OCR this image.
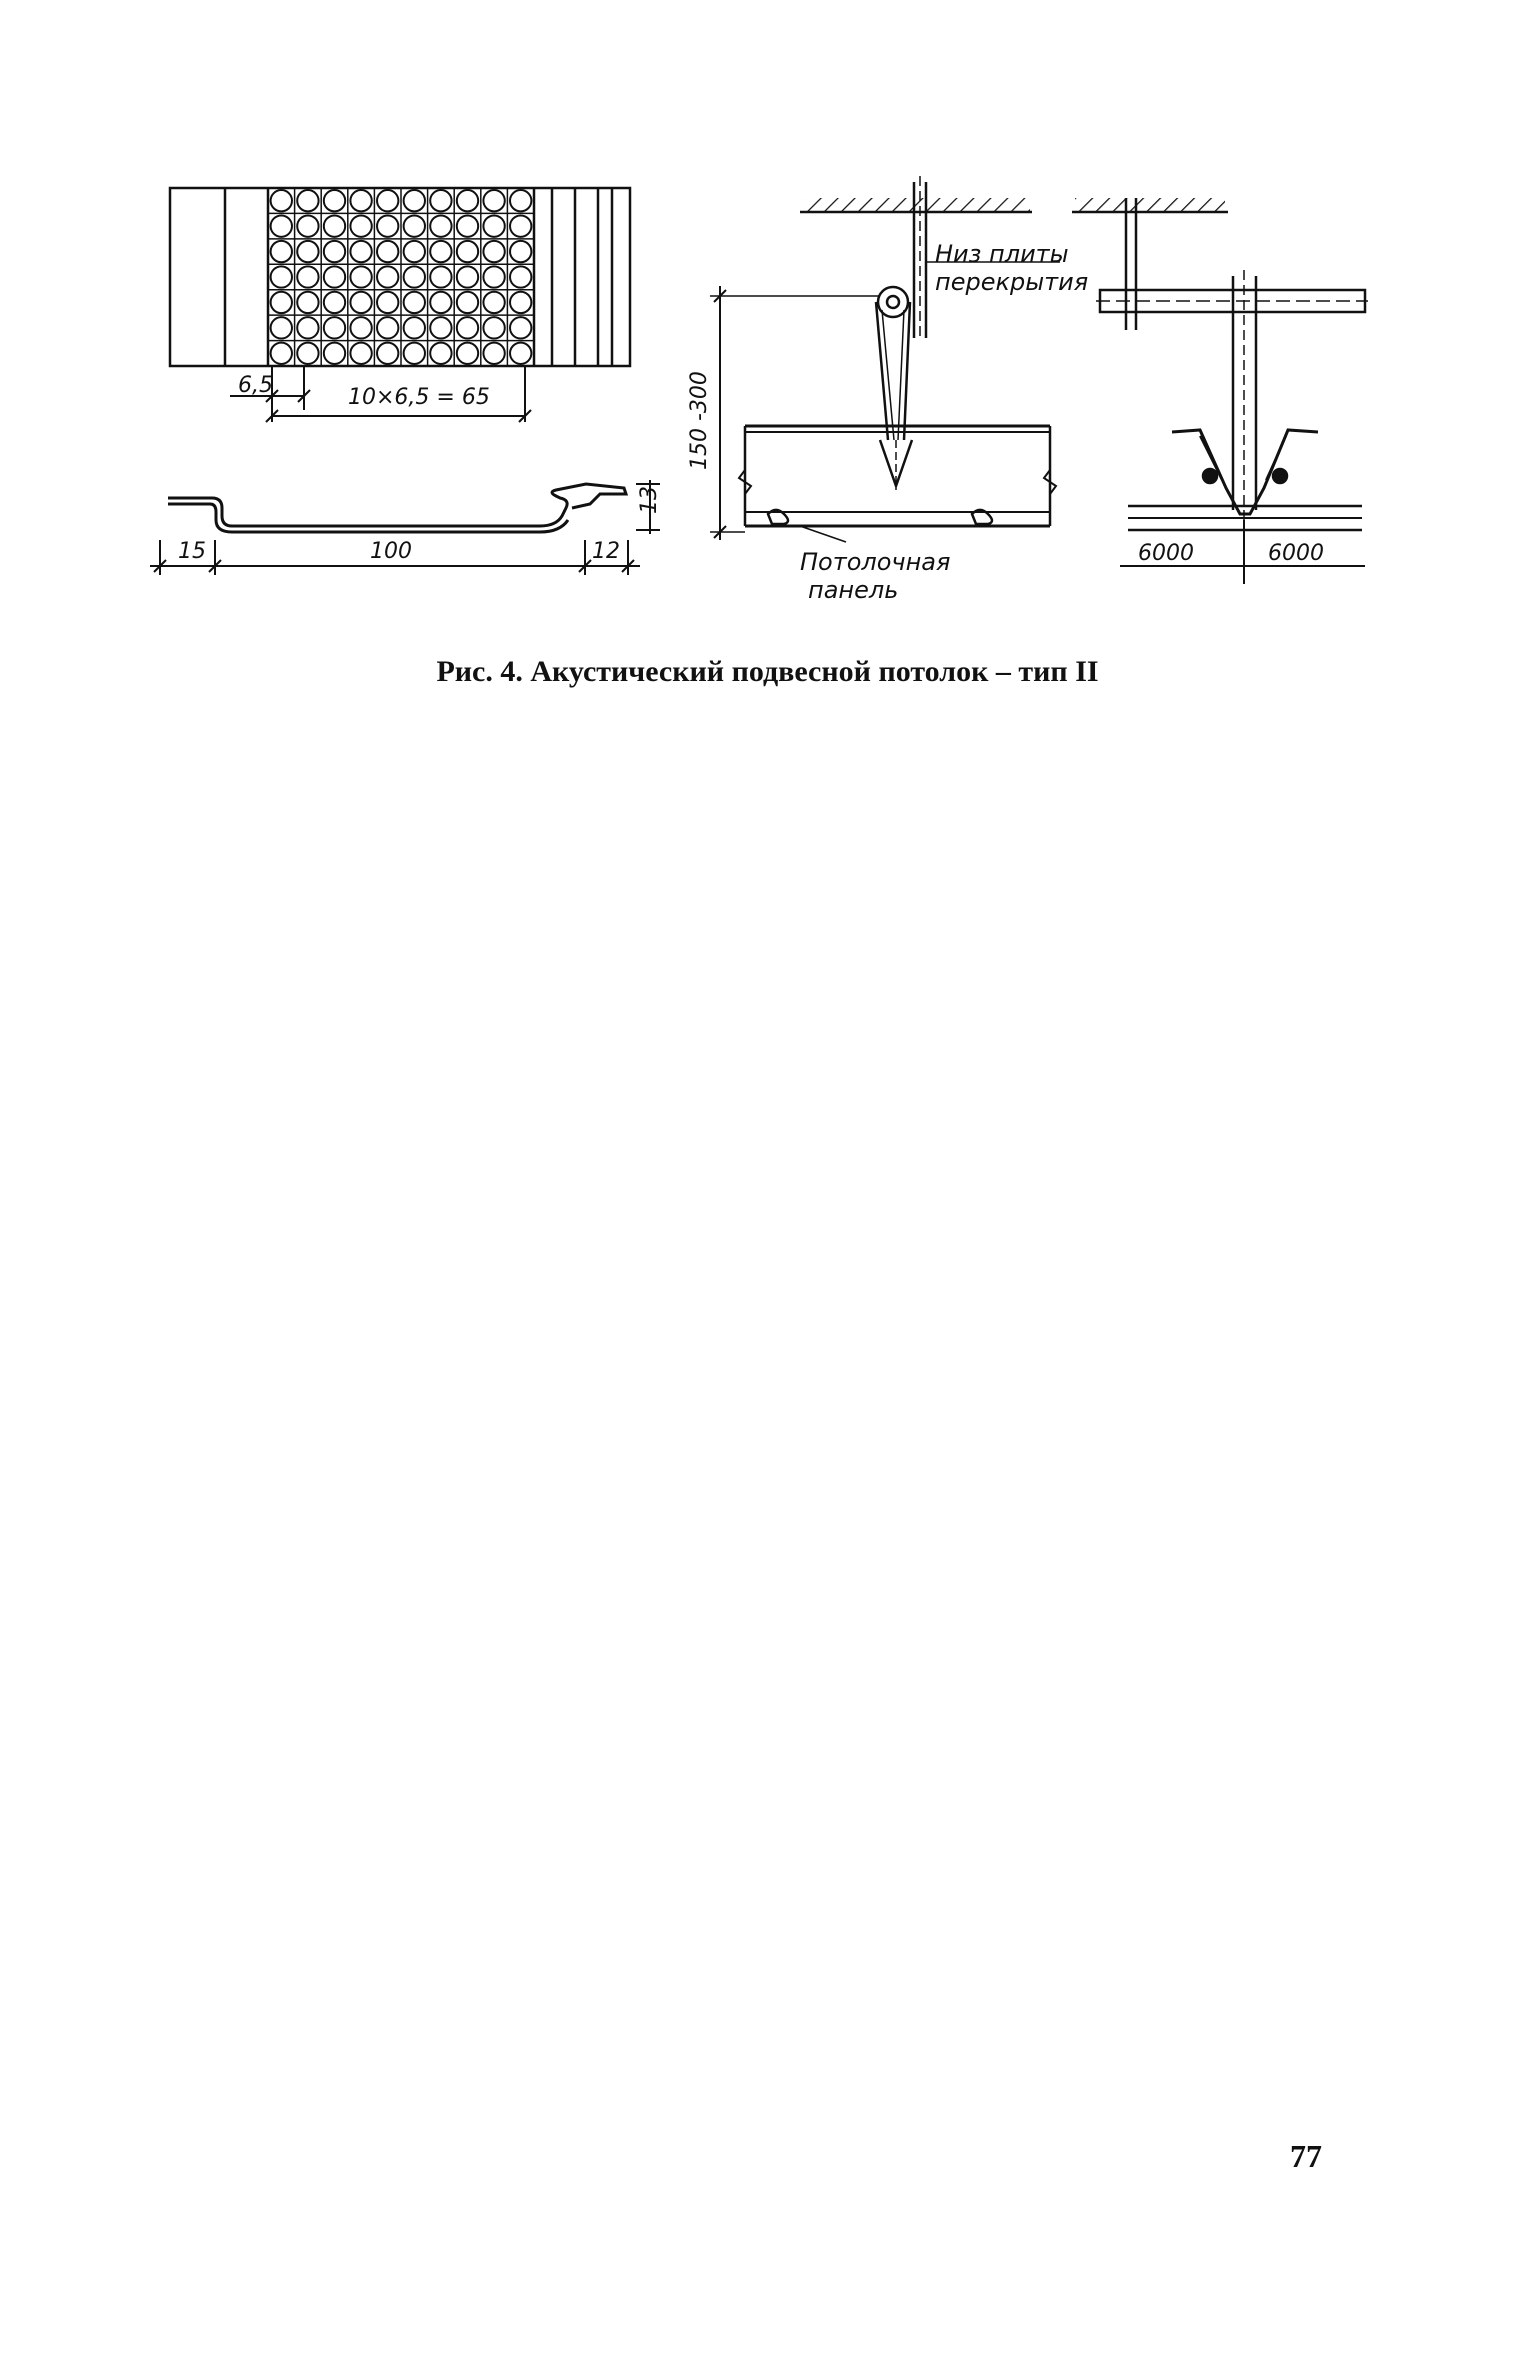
6,5	10×6,5 = 65
15	100	12
13
150 -300
Низ плиты
перекрытия
Потолочная
панель
6000	6000
Рис. 4. Акустический подвесной потолок – тип II
77
